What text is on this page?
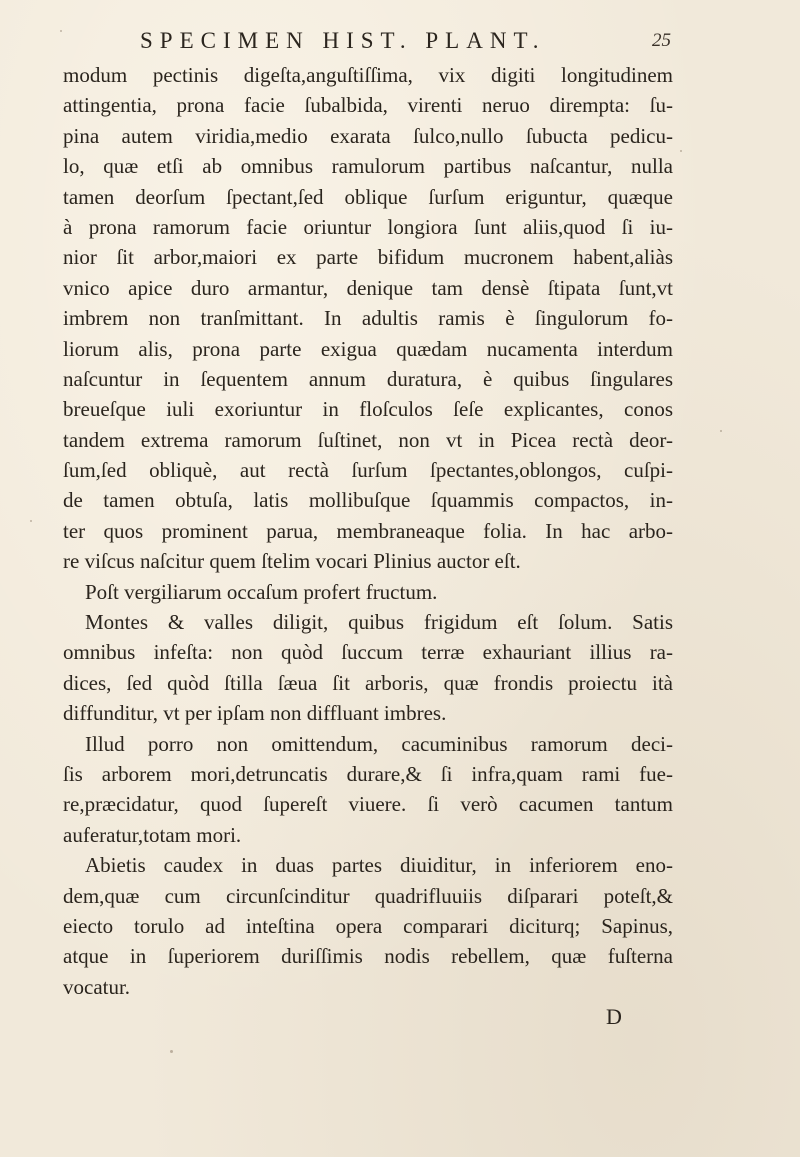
SPECIMEN HIST. PLANT.	25
modum pectinis digeſta,anguſtiſſima, vix digiti longitudinem
attingentia, prona facie ſubalbida, virenti neruo dirempta: ſu-
pina autem viridia,medio exarata ſulco,nullo ſubucta pedicu-
lo, quæ etſi ab omnibus ramulorum partibus naſcantur, nulla
tamen deorſum ſpectant,ſed oblique ſurſum eriguntur, quæque
à prona ramorum facie oriuntur longiora ſunt aliis,quod ſi iu-
nior ſit arbor,maiori ex parte bifidum mucronem habent,aliàs
vnico apice duro armantur, denique tam densè ſtipata ſunt,vt
imbrem non tranſmittant. In adultis ramis è ſingulorum fo-
liorum alis, prona parte exigua quædam nucamenta interdum
naſcuntur in ſequentem annum duratura, è quibus ſingulares
breueſque iuli exoriuntur in floſculos ſeſe explicantes, conos
tandem extrema ramorum ſuſtinet, non vt in Picea rectà deor-
ſum,ſed obliquè, aut rectà ſurſum ſpectantes,oblongos, cuſpi-
de tamen obtuſa, latis mollibuſque ſquammis compactos, in-
ter quos prominent parua, membraneaque folia. In hac arbo-
re viſcus naſcitur quem ſtelim vocari Plinius auctor eſt.
Poſt vergiliarum occaſum profert fructum.
Montes & valles diligit, quibus frigidum eſt ſolum. Satis
omnibus infeſta: non quòd ſuccum terræ exhauriant illius ra-
dices, ſed quòd ſtilla ſæua ſit arboris, quæ frondis proiectu ità
diffunditur, vt per ipſam non diffluant imbres.
Illud porro non omittendum, cacuminibus ramorum deci-
ſis arborem mori,detruncatis durare,& ſi infra,quam rami fue-
re,præcidatur, quod ſupereſt viuere. ſi verò cacumen tantum
auferatur,totam mori.
Abietis caudex in duas partes diuiditur, in inferiorem eno-
dem,quæ cum circunſcinditur quadrifluuiis diſparari poteſt,&
eiecto torulo ad inteſtina opera comparari diciturq; Sapinus,
atque in ſuperiorem duriſſimis nodis rebellem, quæ fuſterna
vocatur.
D
